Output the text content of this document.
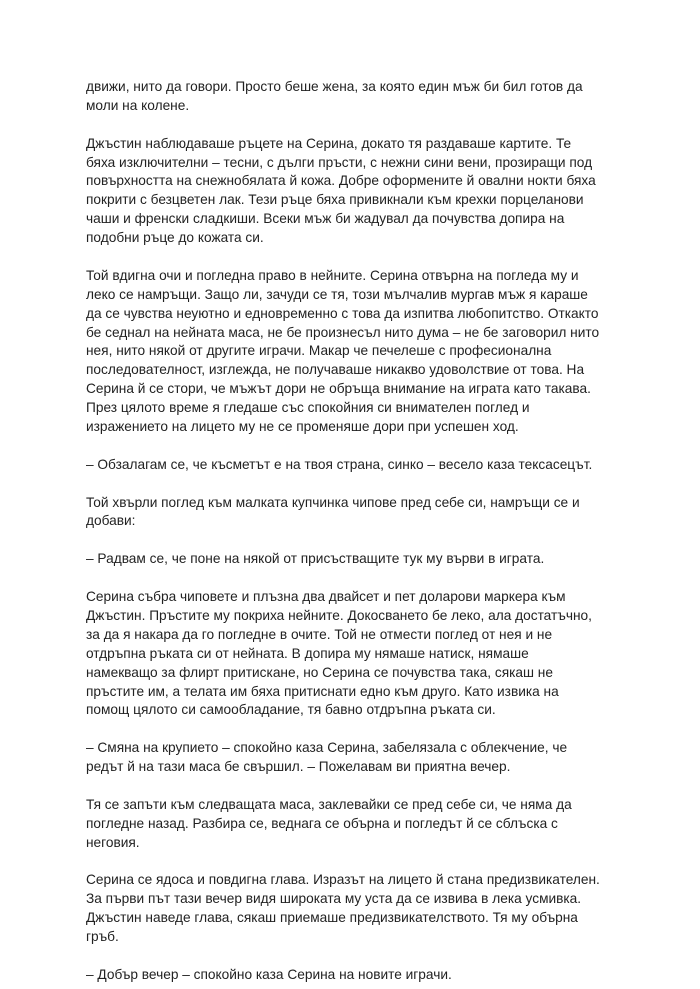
движи, нито да говори. Просто беше жена, за която един мъж би бил готов да
моли на колене.

Джъстин наблюдаваше ръцете на Серина, докато тя раздаваше картите. Те
бяха изключителни – тесни, с дълги пръсти, с нежни сини вени, прозиращи под
повърхността на снежнобялата й кожа. Добре оформените й овални нокти бяха
покрити с безцветен лак. Тези ръце бяха привикнали към крехки порцеланови
чаши и френски сладкиши. Всеки мъж би жадувал да почувства допира на
подобни ръце до кожата си.

Той вдигна очи и погледна право в нейните. Серина отвърна на погледа му и
леко се намръщи. Защо ли, зачуди се тя, този мълчалив мургав мъж я караше
да се чувства неуютно и едновременно с това да изпитва любопитство. Откакто
бе седнал на нейната маса, не бе произнесъл нито дума – не бе заговорил нито
нея, нито някой от другите играчи. Макар че печелеше с професионална
последователност, изглежда, не получаваше никакво удоволствие от това. На
Серина й се стори, че мъжът дори не обръща внимание на играта като такава.
През цялото време я гледаше със спокойния си внимателен поглед и
изражението на лицето му не се променяше дори при успешен ход.

– Обзалагам се, че късметът е на твоя страна, синко – весело каза тексасецът.

Той хвърли поглед към малката купчинка чипове пред себе си, намръщи се и
добави:

– Радвам се, че поне на някой от присъстващите тук му върви в играта.

Серина събра чиповете и плъзна два двайсет и пет доларови маркера към
Джъстин. Пръстите му покриха нейните. Докосването бе леко, ала достатъчно,
за да я накара да го погледне в очите. Той не отмести поглед от нея и не
отдръпна ръката си от нейната. В допира му нямаше натиск, нямаше
намекващо за флирт притискане, но Серина се почувства така, сякаш не
пръстите им, а телата им бяха притиснати едно към друго. Като извика на
помощ цялото си самообладание, тя бавно отдръпна ръката си.

– Смяна на крупието – спокойно каза Серина, забелязала с облекчение, че
редът й на тази маса бе свършил. – Пожелавам ви приятна вечер.

Тя се запъти към следващата маса, заклевайки се пред себе си, че няма да
погледне назад. Разбира се, веднага се обърна и погледът й се сблъска с
неговия.

Серина се ядоса и повдигна глава. Изразът на лицето й стана предизвикателен.
За първи път тази вечер видя широката му уста да се извива в лека усмивка.
Джъстин наведе глава, сякаш приемаше предизвикателството. Тя му обърна
гръб.

– Добър вечер – спокойно каза Серина на новите играчи.
